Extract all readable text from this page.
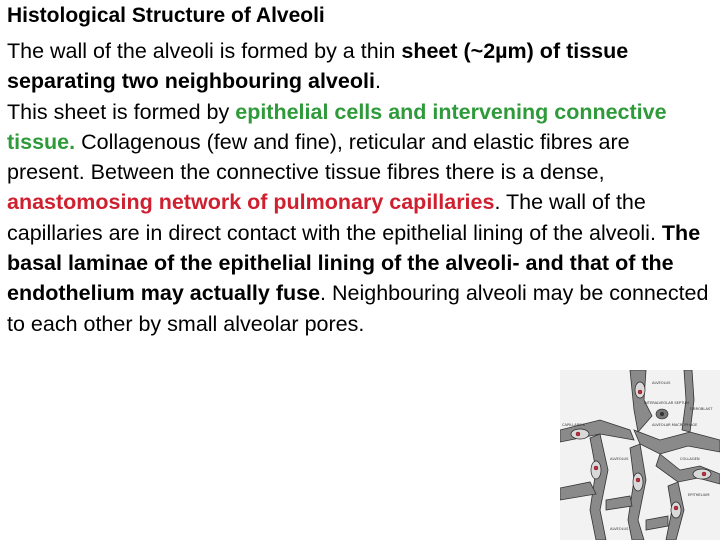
Histological Structure of Alveoli

The wall of the alveoli is formed by a thin sheet (~2µm) of tissue separating two neighbouring alveoli.

This sheet is formed by epithelial cells and intervening connective tissue. Collagenous (few and fine), reticular and elastic fibres are present. Between the connective tissue fibres there is a dense, anastomosing network of pulmonary capillaries. The wall of the capillaries are in direct contact with the epithelial lining of the alveoli. The basal laminae of the epithelial lining of the alveoli- and that of the endothelium may actually fuse. Neighbouring alveoli may be connected to each other by small alveolar pores.

CAPILLARIES
ALVEOLUS
ALVEOLUS
ALVEOLUS
INTERALVEOLAR SEPTUM
ALVEOLAR MACROPHAGE
COLLAGEN
EPITHELIUM
FIBROBLAST
